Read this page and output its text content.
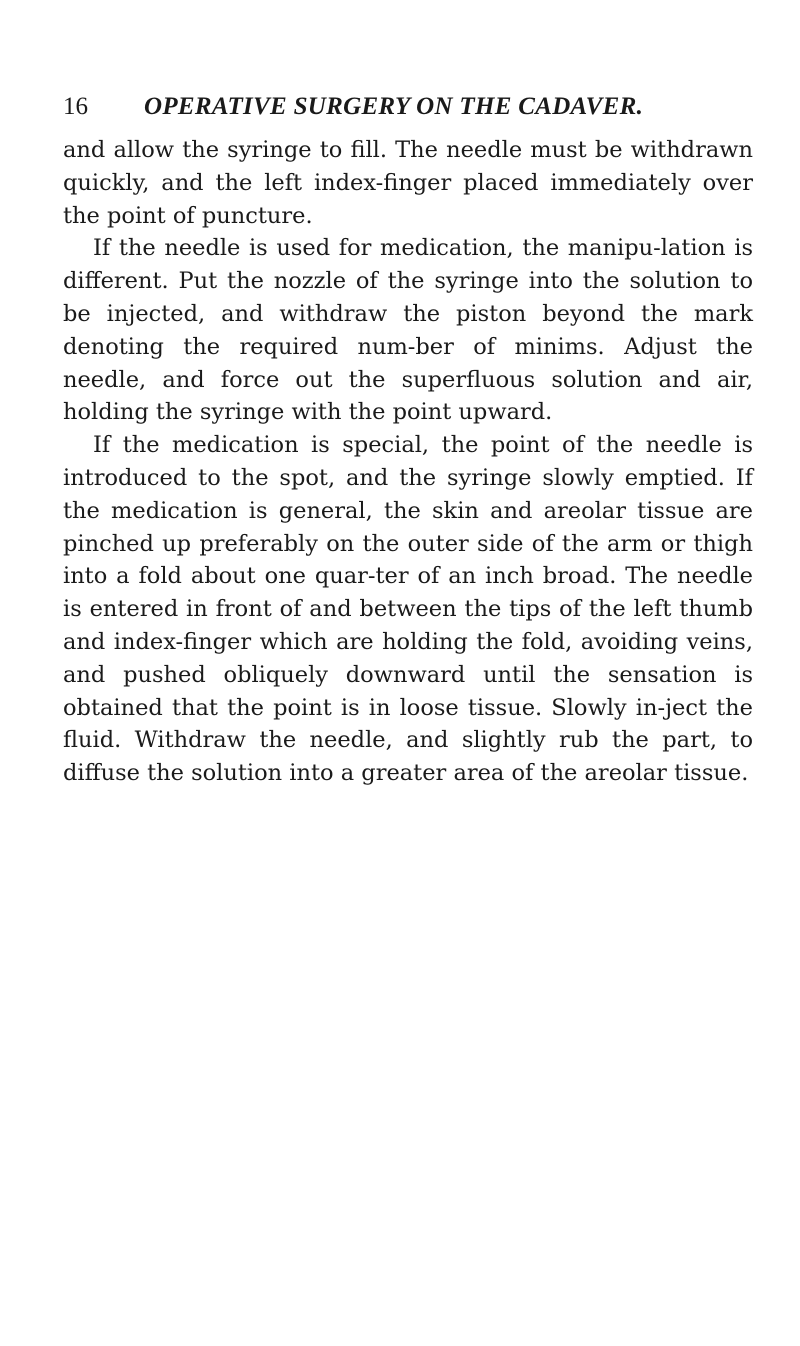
16 OPERATIVE SURGERY ON THE CADAVER.

and allow the syringe to fill. The needle must be withdrawn quickly, and the left index-finger placed immediately over the point of puncture.

If the needle is used for medication, the manipu-lation is different. Put the nozzle of the syringe into the solution to be injected, and withdraw the piston beyond the mark denoting the required num-ber of minims. Adjust the needle, and force out the superfluous solution and air, holding the syringe with the point upward.

If the medication is special, the point of the needle is introduced to the spot, and the syringe slowly emptied. If the medication is general, the skin and areolar tissue are pinched up preferably on the outer side of the arm or thigh into a fold about one quar-ter of an inch broad. The needle is entered in front of and between the tips of the left thumb and index-finger which are holding the fold, avoiding veins, and pushed obliquely downward until the sensation is obtained that the point is in loose tissue. Slowly in-ject the fluid. Withdraw the needle, and slightly rub the part, to diffuse the solution into a greater area of the areolar tissue.
